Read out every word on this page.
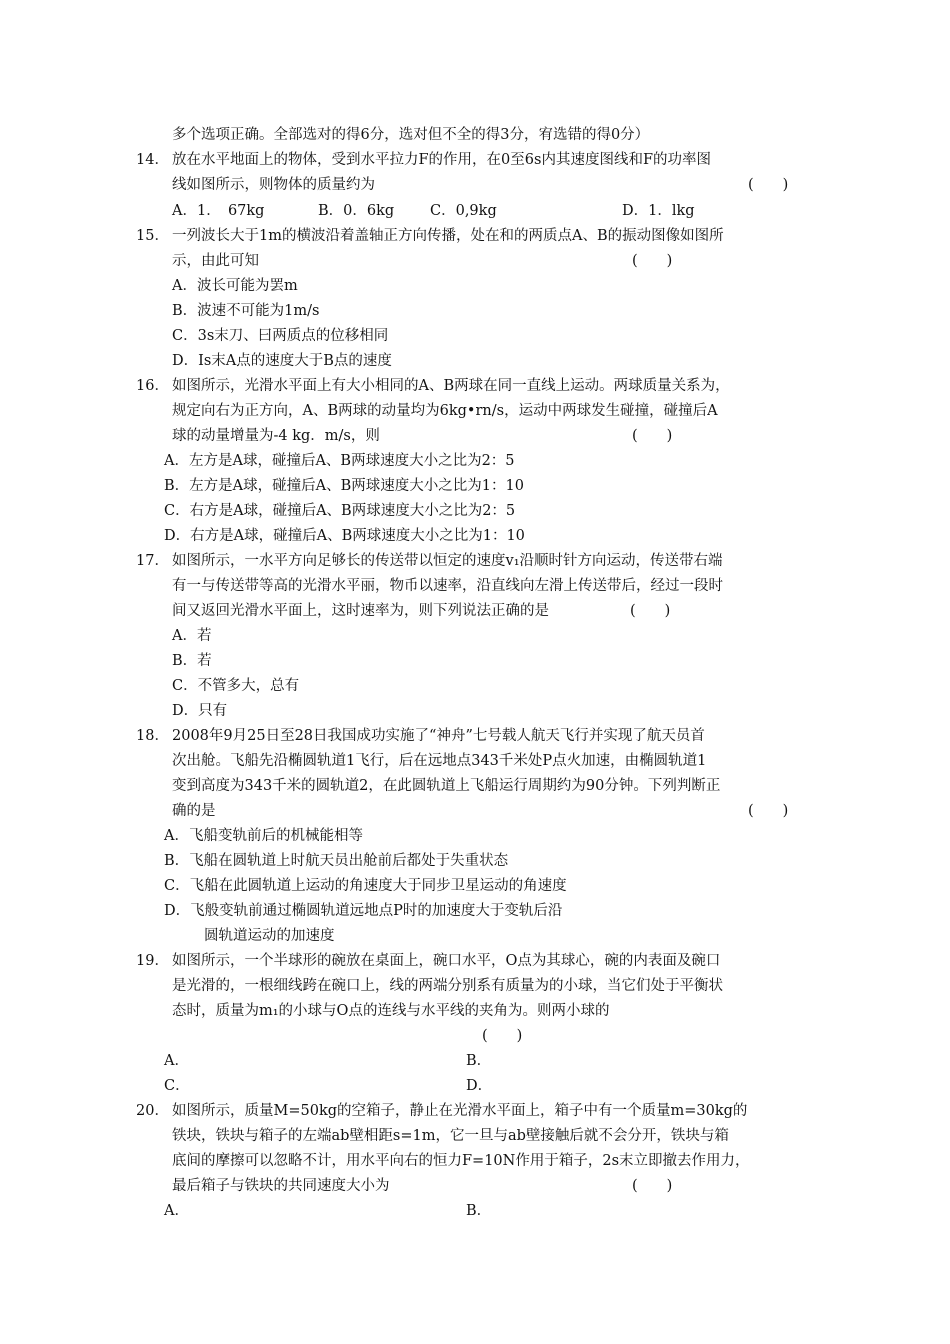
多个选项正确。全部选对的得6分，选对但不全的得3分，宥选错的得0分）
14． 放在水平地面上的物体，受到水平拉力F的作用，在0至6s内其速度图线和F的功率图
线如图所示，则物体的质量约为	(　　)
A．1．　67kg	B．0．6kg C．0,9kg	D．1．lkg
15． 一列波长大于1m的横波沿着盖轴正方向传播，处在和的两质点A、B的振动图像如图所
示，由此可知	(　　)
A．波长可能为罢m
B．波速不可能为1m/s
C．3s末刀、曰两质点的位移相同
D．Is末A点的速度大于B点的速度
16． 如图所示，光滑水平面上有大小相同的A、B两球在同一直线上运动。两球质量关系为，
规定向右为正方向，A、B两球的动量均为6kg•rn/s，运动中两球发生碰撞，碰撞后A
球的动量增量为-4 kg．m/s，则	(　　)
A．左方是A球，碰撞后A、B两球速度大小之比为2：5
B．左方是A球，碰撞后A、B两球速度大小之比为1：10
C．右方是A球，碰撞后A、B两球速度大小之比为2：5
D．右方是A球，碰撞后A、B两球速度大小之比为1：10
17． 如图所示，一水平方向足够长的传送带以恒定的速度v₁沿顺时针方向运动，传送带右端
有一与传送带等高的光滑水平丽，物币以速率，沿直线向左滑上传送带后，经过一段时
间又返回光滑水平面上，这时速率为，则下列说法正确的是	(　　)
A．若
B．若
C．不管多大，总有
D．只有
18． 2008年9月25日至28日我国成功实施了“神舟”七号载人航天飞行并实现了航天员首
次出舱。飞船先沿椭圆轨道1飞行，后在远地点343千米处P点火加速，由椭圆轨道1
变到高度为343千米的圆轨道2，在此圆轨道上飞船运行周期约为90分钟。下列判断正
确的是	(　　)
A．飞船变轨前后的机械能相等
B．飞船在圆轨道上时航天员出舱前后都处于失重状态
C．飞船在此圆轨道上运动的角速度大于同步卫星运动的角速度
D．飞般变轨前通过椭圆轨道远地点P时的加速度大于变轨后沿
圆轨道运动的加速度
19． 如图所示，一个半球形的碗放在桌面上，碗口水平，O点为其球心，碗的内表面及碗口
是光滑的，一根细线跨在碗口上，线的两端分别系有质量为的小球，当它们处于平衡状
态时，质量为m₁的小球与O点的连线与水平线的夹角为。则两小球的
(　　)
A．	B．
C．	D．
20． 如图所示，质量M=50kg的空箱子，静止在光滑水平面上，箱子中有一个质量m=30kg的
铁块，铁块与箱子的左端ab壁相距s=1m，它一旦与ab壁接触后就不会分开，铁块与箱
底间的摩擦可以忽略不计，用水平向右的恒力F=10N作用于箱子，2s末立即撤去作用力，
最后箱子与铁块的共同速度大小为	(　　)
A．	B．
